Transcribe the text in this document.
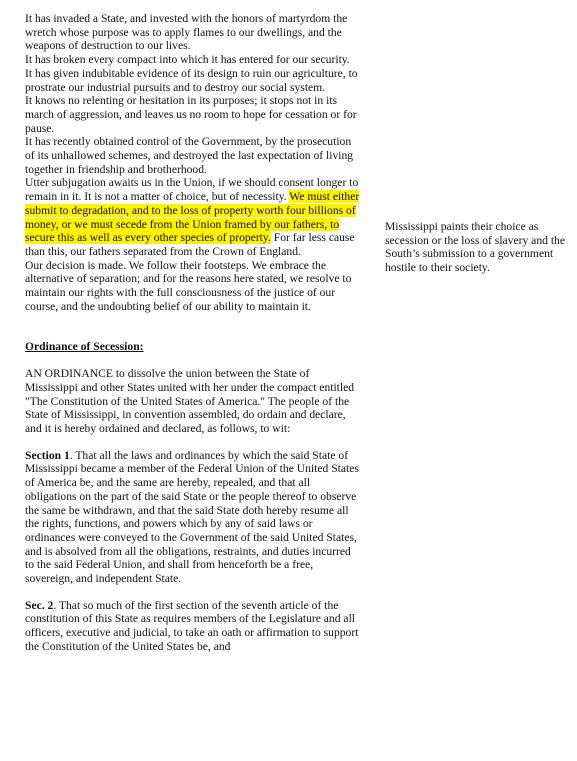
It has invaded a State, and invested with the honors of martyrdom the wretch whose purpose was to apply flames to our dwellings, and the weapons of destruction to our lives.

It has broken every compact into which it has entered for our security.

It has given indubitable evidence of its design to ruin our agriculture, to prostrate our industrial pursuits and to destroy our social system.

It knows no relenting or hesitation in its purposes; it stops not in its march of aggression, and leaves us no room to hope for cessation or for pause.

It has recently obtained control of the Government, by the prosecution of its unhallowed schemes, and destroyed the last expectation of living together in friendship and brotherhood.

Utter subjugation awaits us in the Union, if we should consent longer to remain in it. It is not a matter of choice, but of necessity. We must either submit to degradation, and to the loss of property worth four billions of money, or we must secede from the Union framed by our fathers, to secure this as well as every other species of property. For far less cause than this, our fathers separated from the Crown of England.

Our decision is made. We follow their footsteps. We embrace the alternative of separation; and for the reasons here stated, we resolve to maintain our rights with the full consciousness of the justice of our course, and the undoubting belief of our ability to maintain it.

Ordinance of Secession:

AN ORDINANCE to dissolve the union between the State of Mississippi and other States united with her under the compact entitled "The Constitution of the United States of America." The people of the State of Mississippi, in convention assembled, do ordain and declare, and it is hereby ordained and declared, as follows, to wit:

Section 1. That all the laws and ordinances by which the said State of Mississippi became a member of the Federal Union of the United States of America be, and the same are hereby, repealed, and that all obligations on the part of the said State or the people thereof to observe the same be withdrawn, and that the said State doth hereby resume all the rights, functions, and powers which by any of said laws or ordinances were conveyed to the Government of the said United States, and is absolved from all the obligations, restraints, and duties incurred to the said Federal Union, and shall from henceforth be a free, sovereign, and independent State.

Sec. 2. That so much of the first section of the seventh article of the constitution of this State as requires members of the Legislature and all officers, executive and judicial, to take an oath or affirmation to support the Constitution of the United States be, and

Mississippi paints their choice as secession or the loss of slavery and the South’s submission to a government hostile to their society.
